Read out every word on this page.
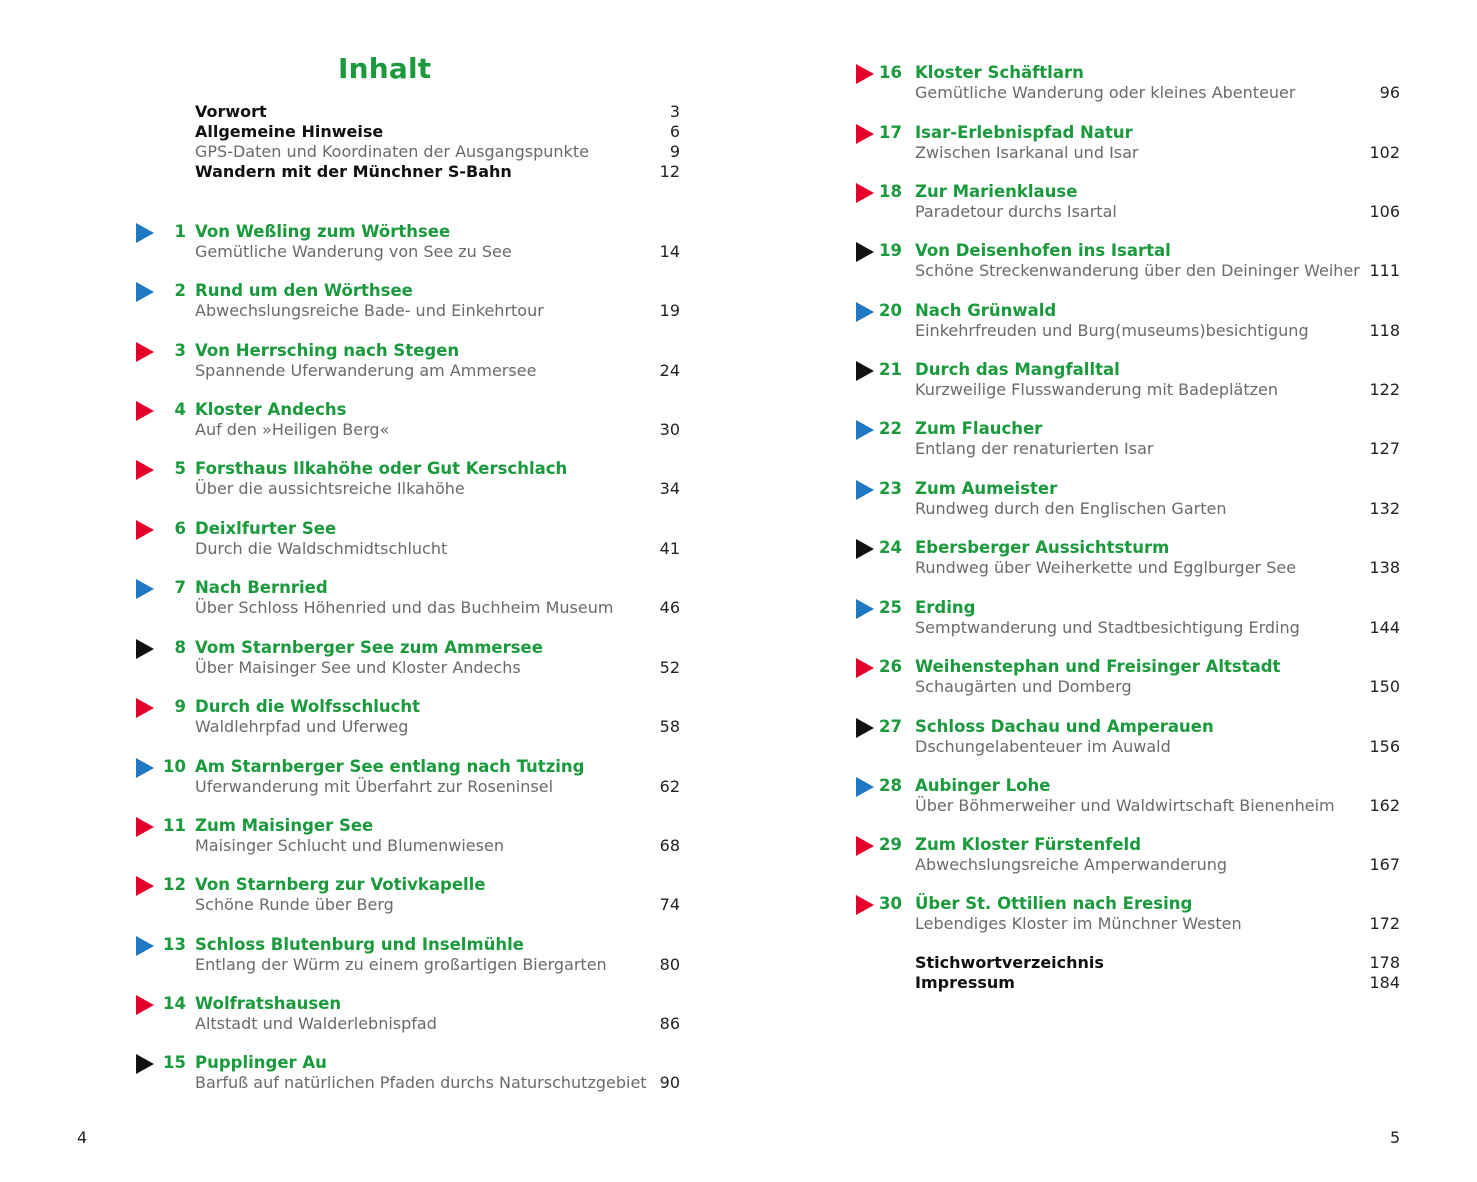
Inhalt
Vorwort	3
Allgemeine Hinweise	6
GPS-Daten und Koordinaten der Ausgangspunkte	9
Wandern mit der Münchner S-Bahn	12
1 Von Weßling zum Wörthsee
Gemütliche Wanderung von See zu See	14
2 Rund um den Wörthsee
Abwechslungsreiche Bade- und Einkehrtour	19
3 Von Herrsching nach Stegen
Spannende Uferwanderung am Ammersee	24
4 Kloster Andechs
Auf den »Heiligen Berg«	30
5 Forsthaus Ilkahöhe oder Gut Kerschlach
Über die aussichtsreiche Ilkahöhe	34
6 Deixlfurter See
Durch die Waldschmidtschlucht	41
7 Nach Bernried
Über Schloss Höhenried und das Buchheim Museum	46
8 Vom Starnberger See zum Ammersee
Über Maisinger See und Kloster Andechs	52
9 Durch die Wolfsschlucht
Waldlehrpfad und Uferweg	58
10 Am Starnberger See entlang nach Tutzing
Uferwanderung mit Überfahrt zur Roseninsel	62
11 Zum Maisinger See
Maisinger Schlucht und Blumenwiesen	68
12 Von Starnberg zur Votivkapelle
Schöne Runde über Berg	74
13 Schloss Blutenburg und Inselmühle
Entlang der Würm zu einem großartigen Biergarten	80
14 Wolfratshausen
Altstadt und Walderlebnispfad	86
15 Pupplinger Au
Barfuß auf natürlichen Pfaden durchs Naturschutzgebiet 90
16 Kloster Schäftlarn
Gemütliche Wanderung oder kleines Abenteuer	96
17 Isar-Erlebnispfad Natur
Zwischen Isarkanal und Isar	102
18 Zur Marienklause
Paradetour durchs Isartal	106
19 Von Deisenhofen ins Isartal
Schöne Streckenwanderung über den Deininger Weiher 111
20 Nach Grünwald
Einkehrfreuden und Burg(museums)besichtigung	118
21 Durch das Mangfalltal
Kurzweilige Flusswanderung mit Badeplätzen	122
22 Zum Flaucher
Entlang der renaturierten Isar	127
23 Zum Aumeister
Rundweg durch den Englischen Garten	132
24 Ebersberger Aussichtsturm
Rundweg über Weiherkette und Egglburger See	138
25 Erding
Semptwanderung und Stadtbesichtigung Erding	144
26 Weihenstephan und Freisinger Altstadt
Schaugärten und Domberg	150
27 Schloss Dachau und Amperauen
Dschungelabenteuer im Auwald	156
28 Aubinger Lohe
Über Böhmerweiher und Waldwirtschaft Bienenheim	162
29 Zum Kloster Fürstenfeld
Abwechslungsreiche Amperwanderung	167
30 Über St. Ottilien nach Eresing
Lebendiges Kloster im Münchner Westen	172
Stichwortverzeichnis	178
Impressum	184
4	5
